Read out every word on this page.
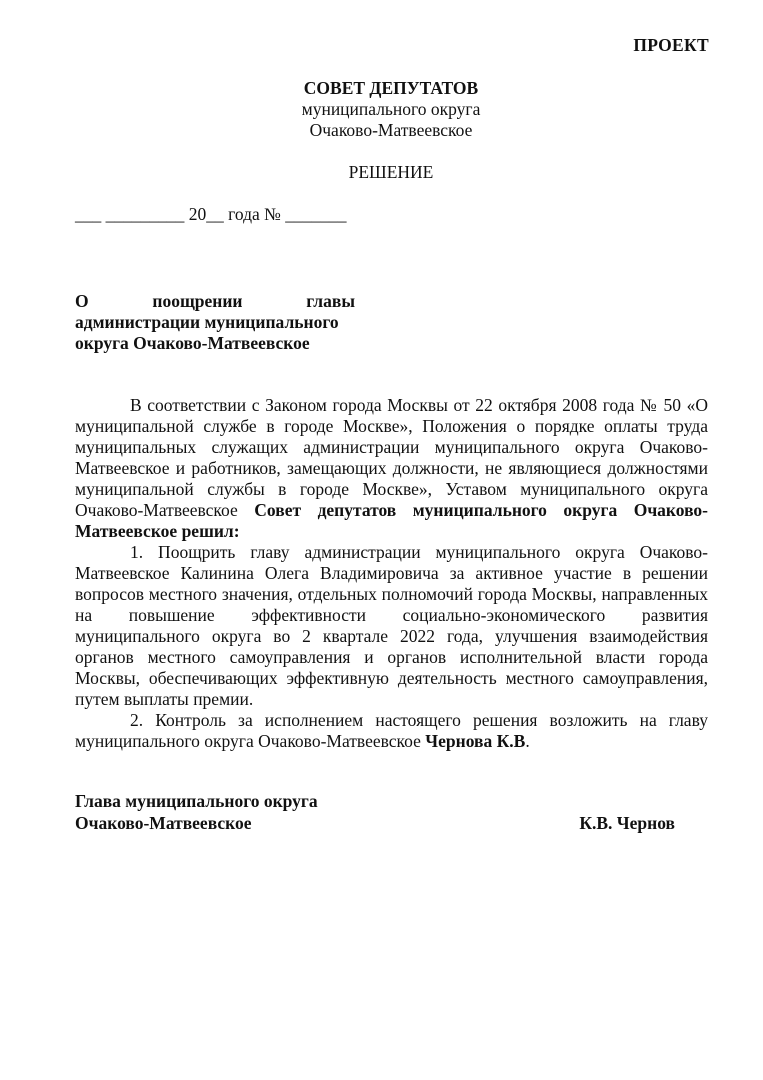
ПРОЕКТ
СОВЕТ ДЕПУТАТОВ
муниципального округа
Очаково-Матвеевское
РЕШЕНИЕ
___ _________ 20__ года № _______
О поощрении главы
администрации муниципального
округа Очаково-Матвеевское

В соответствии с Законом города Москвы от 22 октября 2008 года № 50 «О муниципальной службе в городе Москве», Положения о порядке оплаты труда муниципальных служащих администрации муниципального округа Очаково-Матвеевское и работников, замещающих должности, не являющиеся должностями муниципальной службы в городе Москве», Уставом муниципального округа Очаково-Матвеевское Совет депутатов муниципального округа Очаково-Матвеевское решил:

1. Поощрить главу администрации муниципального округа Очаково-Матвеевское Калинина Олега Владимировича за активное участие в решении вопросов местного значения, отдельных полномочий города Москвы, направленных на повышение эффективности социально-экономического развития муниципального округа во 2 квартале 2022 года, улучшения взаимодействия органов местного самоуправления и органов исполнительной власти города Москвы, обеспечивающих эффективную деятельность местного самоуправления, путем выплаты премии.

2. Контроль за исполнением настоящего решения возложить на главу муниципального округа Очаково-Матвеевское Чернова К.В.

Глава муниципального округа
Очаково-Матвеевское	К.В. Чернов
